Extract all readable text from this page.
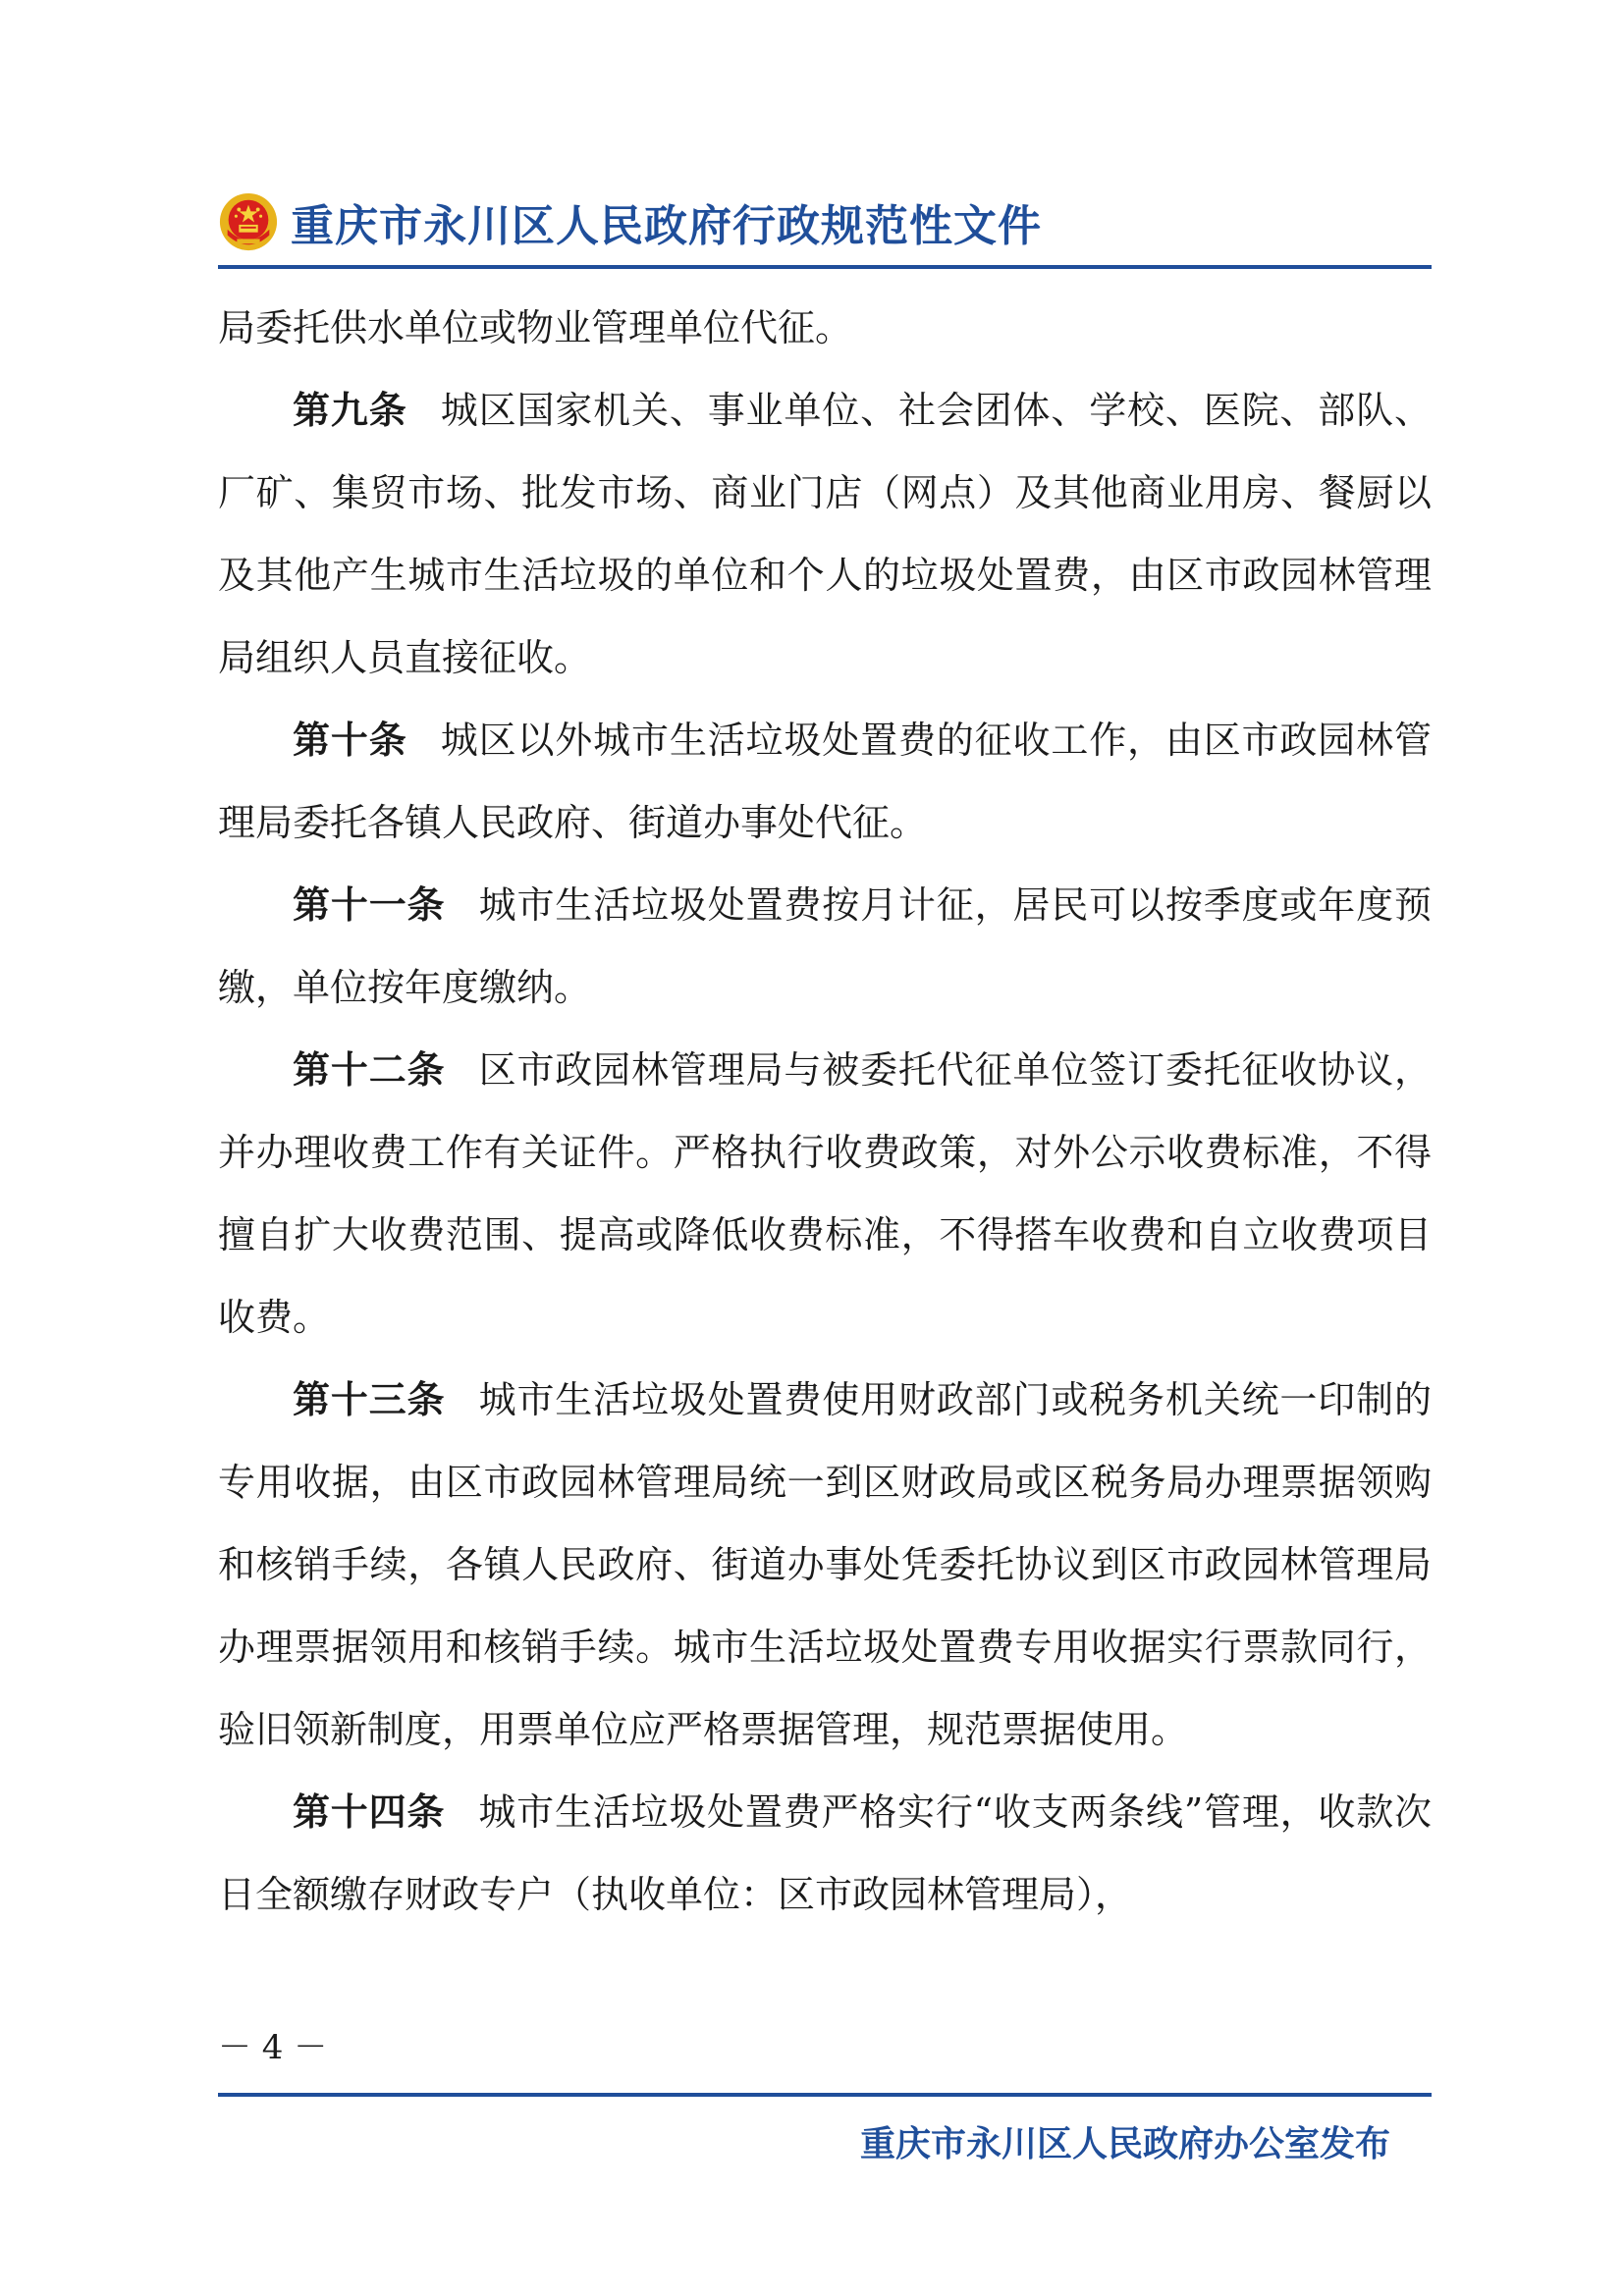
重庆市永川区人民政府行政规范性文件

局委托供水单位或物业管理单位代征。

第九条 城区国家机关、事业单位、社会团体、学校、医院、部队、厂矿、集贸市场、批发市场、商业门店（网点）及其他商业用房、餐厨以及其他产生城市生活垃圾的单位和个人的垃圾处置费，由区市政园林管理局组织人员直接征收。

第十条 城区以外城市生活垃圾处置费的征收工作，由区市政园林管理局委托各镇人民政府、街道办事处代征。

第十一条 城市生活垃圾处置费按月计征，居民可以按季度或年度预缴，单位按年度缴纳。

第十二条 区市政园林管理局与被委托代征单位签订委托征收协议，并办理收费工作有关证件。严格执行收费政策，对外公示收费标准，不得擅自扩大收费范围、提高或降低收费标准，不得搭车收费和自立收费项目收费。

第十三条 城市生活垃圾处置费使用财政部门或税务机关统一印制的专用收据，由区市政园林管理局统一到区财政局或区税务局办理票据领购和核销手续，各镇人民政府、街道办事处凭委托协议到区市政园林管理局办理票据领用和核销手续。城市生活垃圾处置费专用收据实行票款同行，验旧领新制度，用票单位应严格票据管理，规范票据使用。

第十四条 城市生活垃圾处置费严格实行“收支两条线”管理，收款次日全额缴存财政专户（执收单位：区市政园林管理局），

－ 4 －
重庆市永川区人民政府办公室发布
